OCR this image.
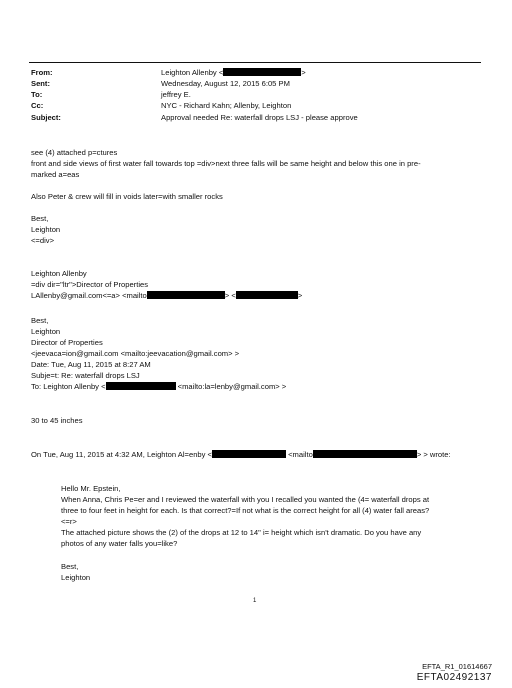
From:	Leighton Allenby <	>
Sent:	Wednesday, August 12, 2015 6:05 PM
To:	jeffrey E.
Cc:	NYC - Richard Kahn; Allenby, Leighton
Subject:	Approval needed Re: waterfall drops LSJ - please approve
see (4) attached p=ctures
front and side views of first water fall towards top =div>next three falls will be same height and below this one in pre-
marked a=eas
Also Peter & crew will fill in voids later=with smaller rocks
Best,
Leighton
<=div>
Leighton Allenby
=div dir="ltr">Director of Properties
LAllenby@gmail.com<=a> <mailto	> <	>
Best,
Leighton
Director of Properties
<jeevaca=ion@gmail.com <mailto:jeevacation@gmail.com> >
Date: Tue, Aug 11, 2015 at 8:27 AM
Subje=t: Re: waterfall drops LSJ
To: Leighton Allenby <	<mailto:la=lenby@gmail.com> >
30 to 45 inches
On Tue, Aug 11, 2015 at 4:32 AM, Leighton Al=enby <	<mailto	> > wrote:
Hello Mr. Epstein,
When Anna, Chris Pe=er and I reviewed the waterfall with you I recalled you wanted the (4= waterfall drops at
three to four feet in height for each. Is that correct?=If not what is the correct height for all (4) water fall areas?
<=r>
The attached picture shows the (2) of the drops at 12 to 14" i= height which isn't dramatic. Do you have any
photos of any water falls you=like?
Best,
Leighton
1
EFTA_R1_01614667
EFTA02492137
